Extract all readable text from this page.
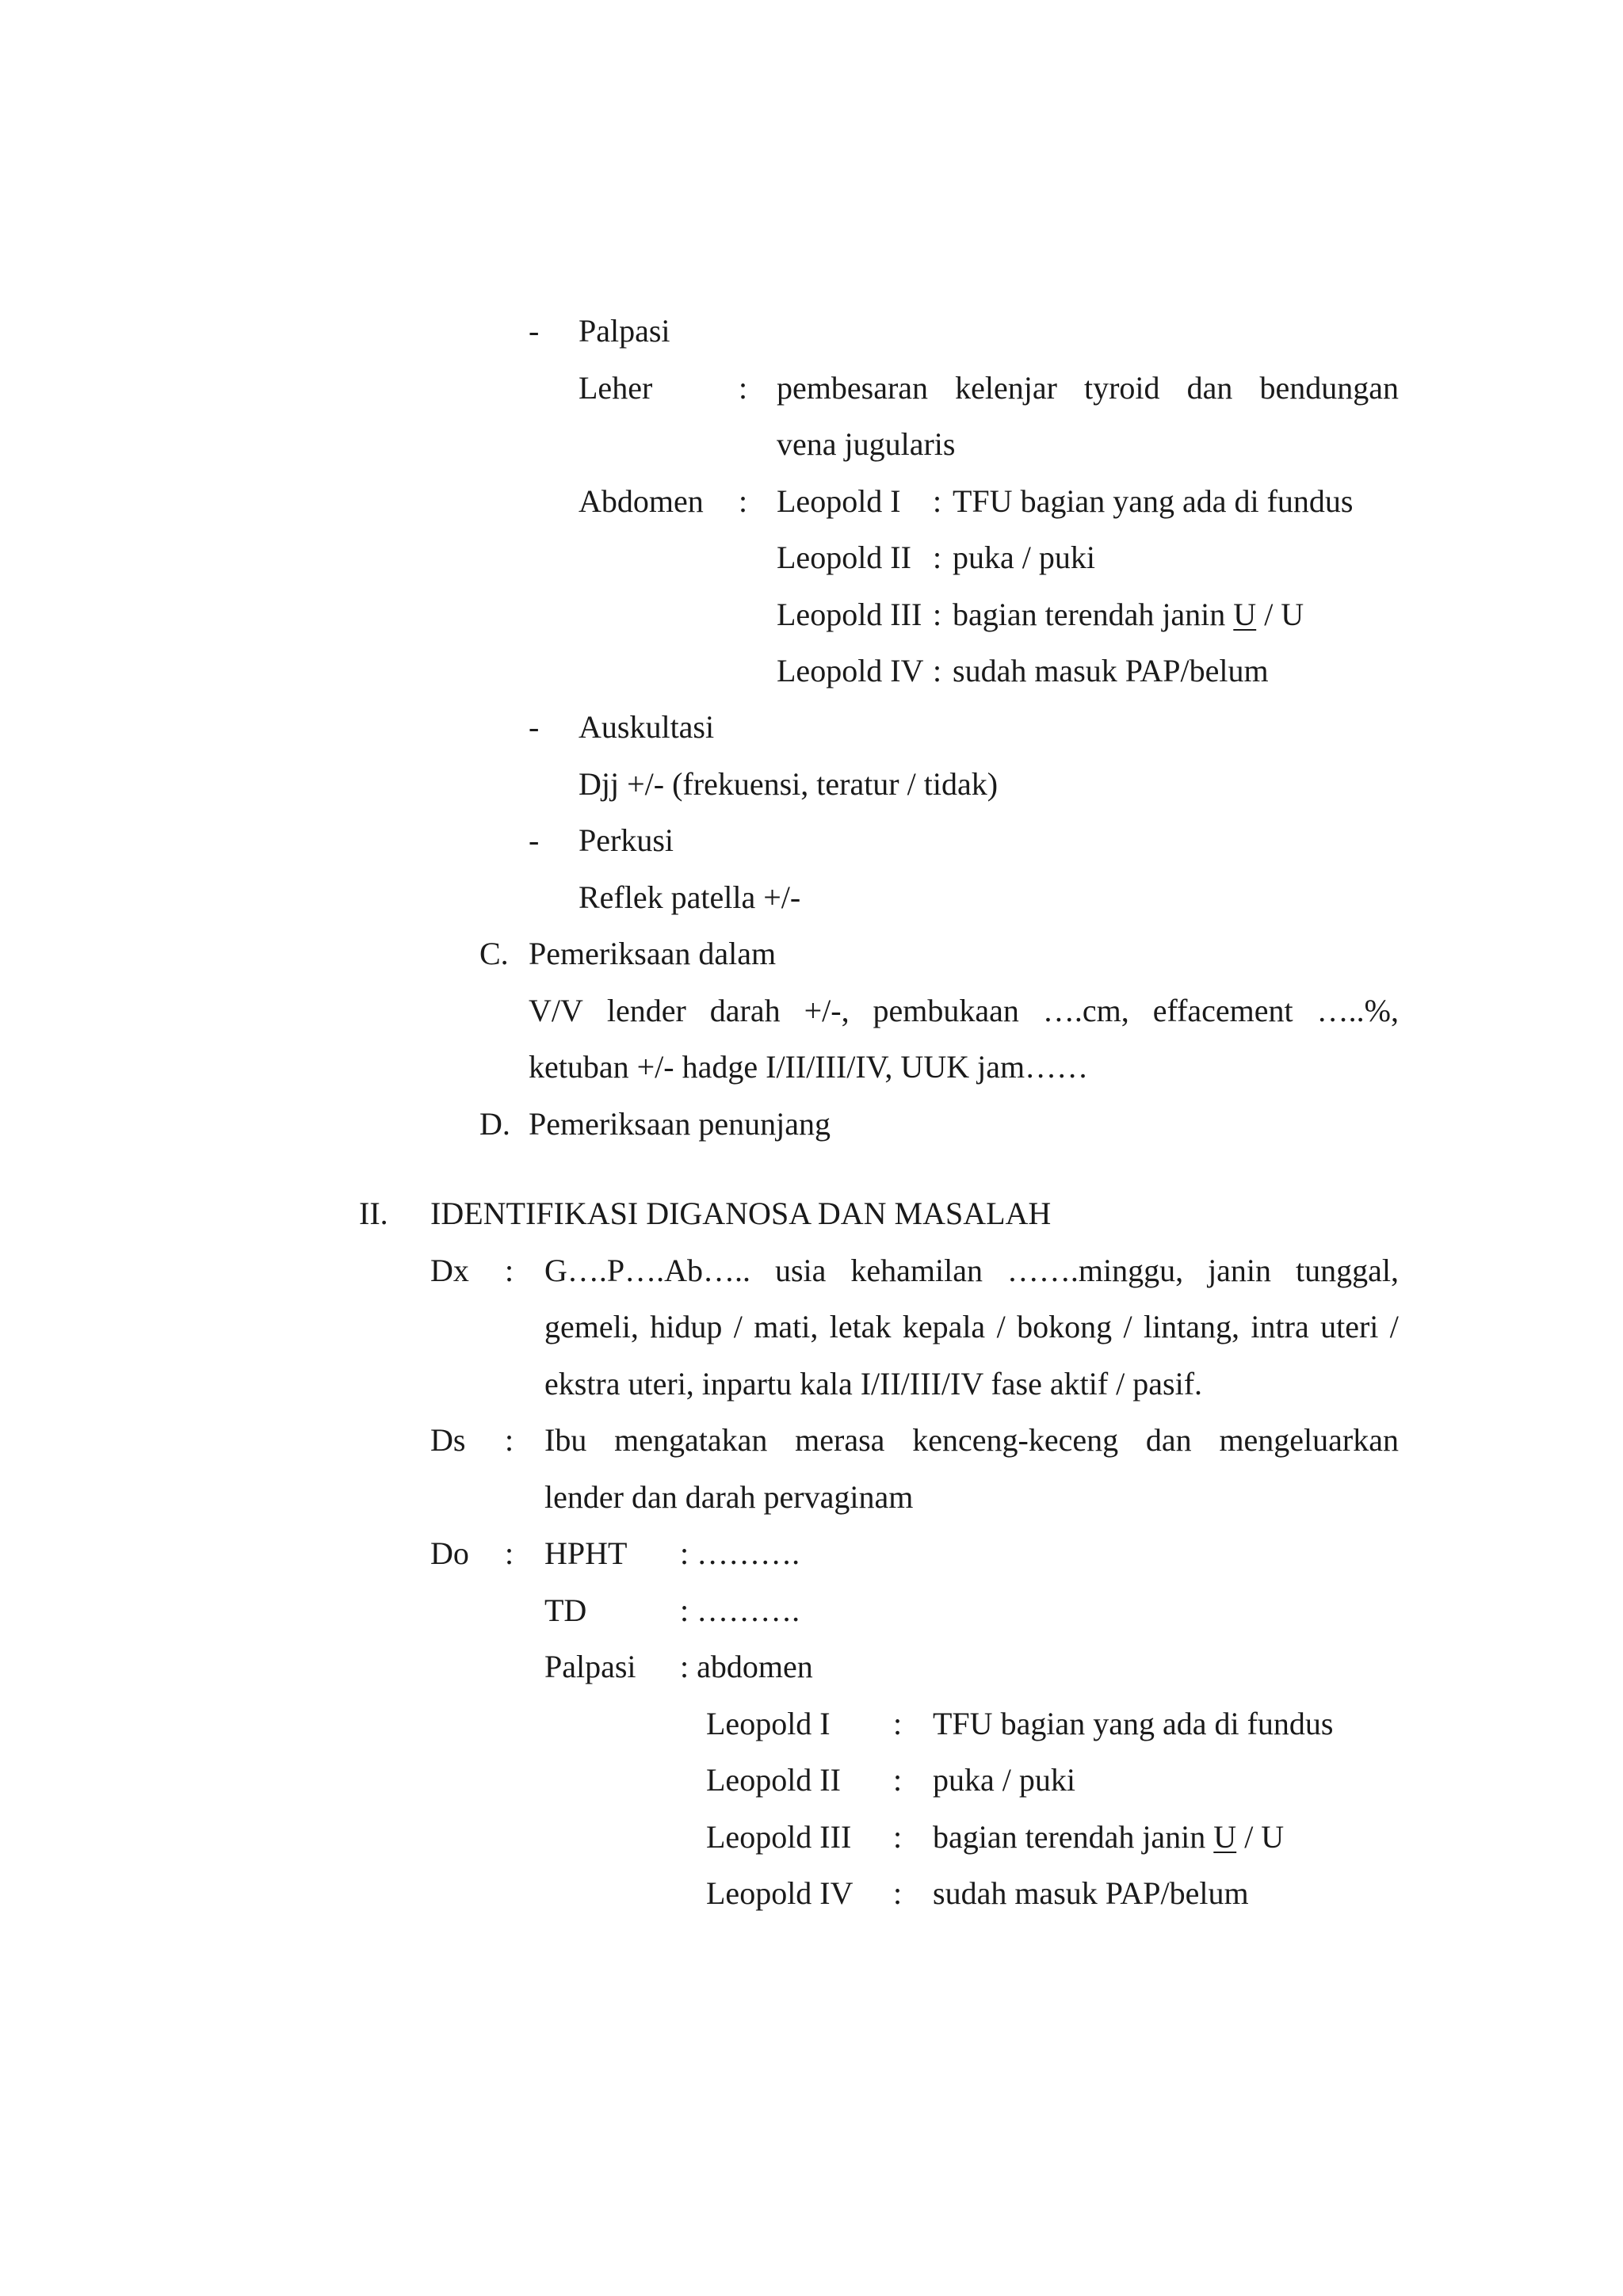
- Palpasi
Leher	: pembesaran kelenjar tyroid dan bendungan
vena jugularis
Abdomen : Leopold I : TFU bagian yang ada di fundus
Leopold II : puka / puki
Leopold III : bagian terendah janin U / U
Leopold IV : sudah masuk PAP/belum
- Auskultasi
Djj +/- (frekuensi, teratur / tidak)
- Perkusi
Reflek patella +/-
C. Pemeriksaan dalam
V/V lender darah +/-, pembukaan ….cm, effacement …..%,
ketuban +/- hadge I/II/III/IV, UUK jam……
D. Pemeriksaan penunjang
II. IDENTIFIKASI DIGANOSA DAN MASALAH
Dx : G….P….Ab….. usia kehamilan …….minggu, janin tunggal,
gemeli, hidup / mati, letak kepala / bokong / lintang, intra uteri /
ekstra uteri, inpartu kala I/II/III/IV fase aktif / pasif.
Ds : Ibu mengatakan merasa kenceng-keceng dan mengeluarkan
lender dan darah pervaginam
Do : HPHT : ……….
TD	: ……….
Palpasi : abdomen
Leopold I : TFU bagian yang ada di fundus
Leopold II : puka / puki
Leopold III : bagian terendah janin U / U
Leopold IV : sudah masuk PAP/belum
